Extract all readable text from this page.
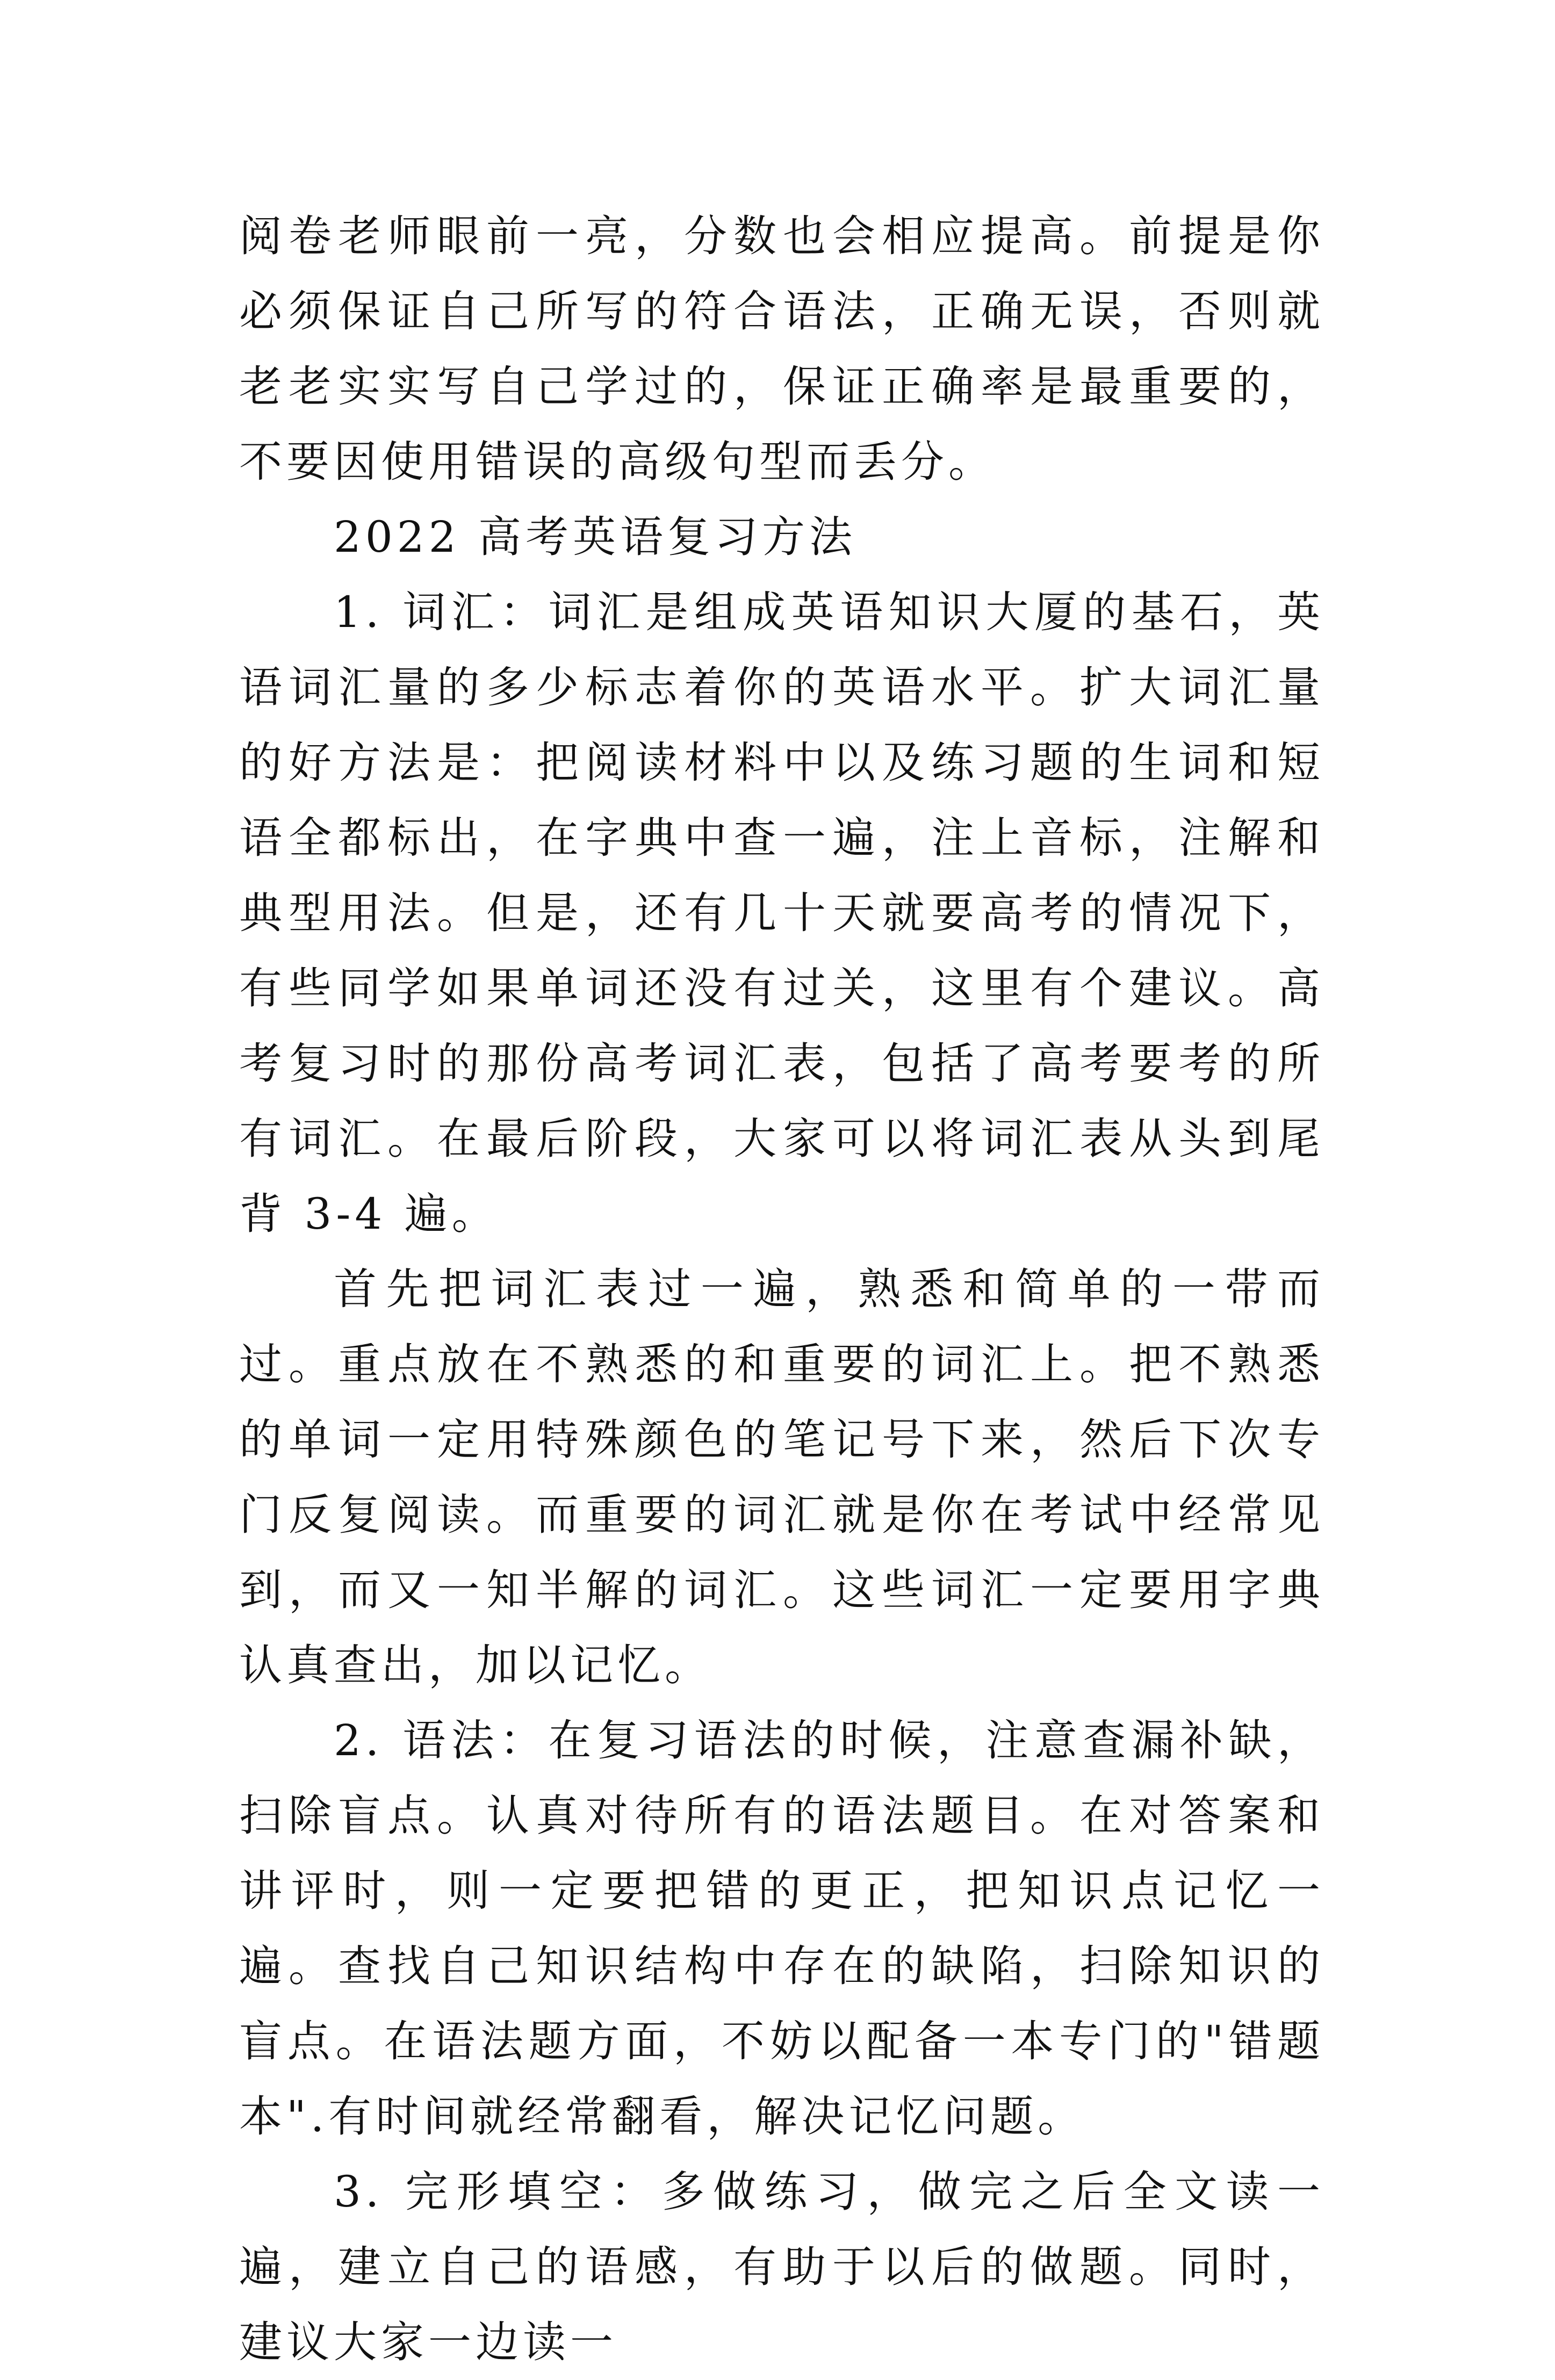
阅卷老师眼前一亮，分数也会相应提高。前提是你必须保证自己所写的符合语法，正确无误，否则就老老实实写自己学过的，保证正确率是最重要的，不要因使用错误的高级句型而丢分。

2022 高考英语复习方法

1. 词汇：词汇是组成英语知识大厦的基石，英语词汇量的多少标志着你的英语水平。扩大词汇量的好方法是：把阅读材料中以及练习题的生词和短语全都标出，在字典中查一遍，注上音标，注解和典型用法。但是，还有几十天就要高考的情况下，有些同学如果单词还没有过关，这里有个建议。高考复习时的那份高考词汇表，包括了高考要考的所有词汇。在最后阶段，大家可以将词汇表从头到尾背 3-4 遍。

首先把词汇表过一遍，熟悉和简单的一带而过。重点放在不熟悉的和重要的词汇上。把不熟悉的单词一定用特殊颜色的笔记号下来，然后下次专门反复阅读。而重要的词汇就是你在考试中经常见到，而又一知半解的词汇。这些词汇一定要用字典认真查出，加以记忆。

2. 语法：在复习语法的时候，注意查漏补缺， 扫除盲点。认真对待所有的语法题目。在对答案和讲评时，则一定要把错的更正，把知识点记忆一遍。查找自己知识结构中存在的缺陷，扫除知识的盲点。在语法题方面，不妨以配备一本专门的"错题本".有时间就经常翻看，解决记忆问题。

3. 完形填空：多做练习，做完之后全文读一遍，建立自己的语感，有助于以后的做题。同时，建议大家一边读一
